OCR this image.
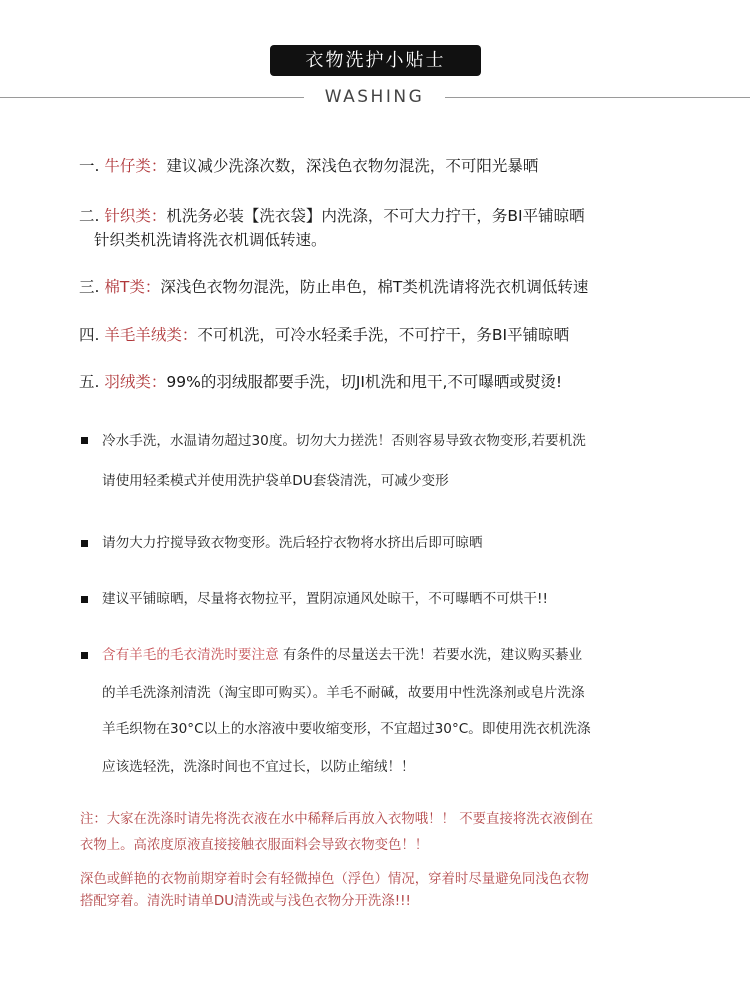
衣物洗护小贴士
WASHING
一. 牛仔类：建议减少洗涤次数，深浅色衣物勿混洗，不可阳光暴晒
二. 针织类：机洗务必装【洗衣袋】内洗涤，不可大力拧干，务BI平铺晾晒
针织类机洗请将洗衣机调低转速。
三. 棉T类：深浅色衣物勿混洗，防止串色，棉T类机洗请将洗衣机调低转速
四. 羊毛羊绒类：不可机洗，可冷水轻柔手洗，不可拧干，务BI平铺晾晒
五. 羽绒类：99%的羽绒服都要手洗，切JI机洗和甩干,不可曝晒或熨烫!
冷水手洗，水温请勿超过30度。切勿大力搓洗！否则容易导致衣物变形,若要机洗
请使用轻柔模式并使用洗护袋单DU套袋清洗，可减少变形
请勿大力拧搅导致衣物变形。洗后轻拧衣物将水挤出后即可晾晒
建议平铺晾晒，尽量将衣物拉平，置阴凉通风处晾干，不可曝晒不可烘干!!
含有羊毛的毛衣清洗时要注意 有条件的尽量送去干洗！若要水洗，建议购买綦业
的羊毛洗涤剂清洗（淘宝即可购买）。羊毛不耐碱，故要用中性洗涤剂或皂片洗涤
羊毛织物在30°C以上的水溶液中要收缩变形，不宜超过30°C。即使用洗衣机洗涤
应该选轻洗，洗涤时间也不宜过长，以防止缩绒！！
注：大家在洗涤时请先将洗衣液在水中稀释后再放入衣物哦！！ 不要直接将洗衣液倒在
衣物上。高浓度原液直接接触衣服面料会导致衣物变色！！
深色或鲜艳的衣物前期穿着时会有轻微掉色（浮色）情况，穿着时尽量避免同浅色衣物
搭配穿着。清洗时请单DU清洗或与浅色衣物分开洗涤!!!
